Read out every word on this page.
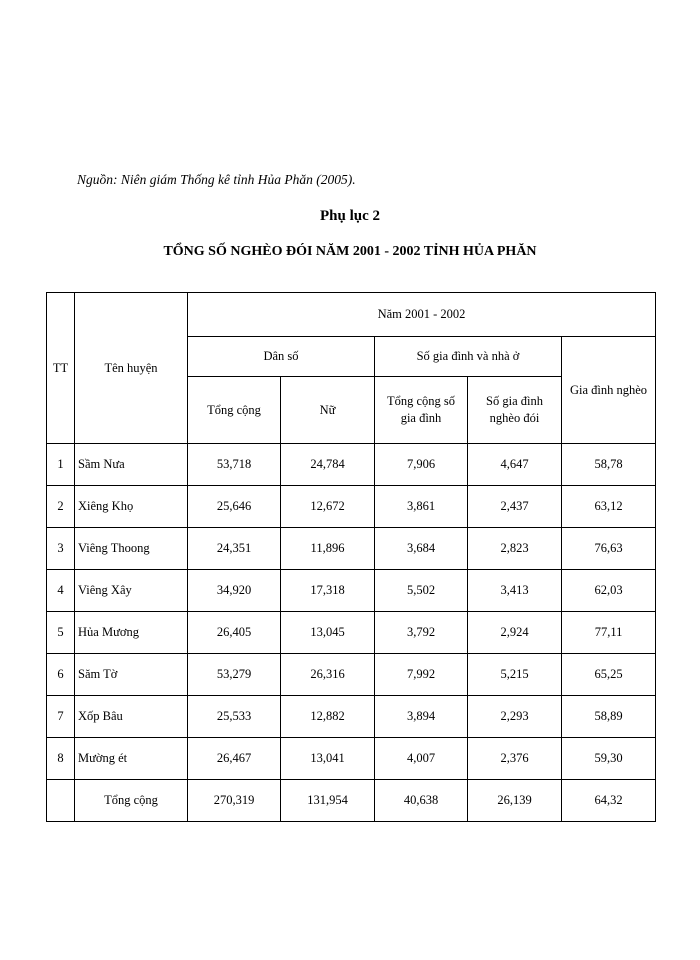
Nguồn: Niên giám Thống kê tỉnh Hủa Phăn (2005).
Phụ lục 2
TỔNG SỐ NGHÈO ĐÓI NĂM 2001 - 2002 TỈNH HỦA PHĂN
TT	Tên huyện	Năm 2001 - 2002				
		Dân số		Số gia đình và nhà ở		Gia đình nghèo
		Tổng cộng	Nữ	Tổng cộng số gia đình	Số gia đình nghèo đói	
1	Sầm Nưa	53,718	24,784	7,906	4,647	58,78
2	Xiêng Khọ	25,646	12,672	3,861	2,437	63,12
3	Viêng Thoong	24,351	11,896	3,684	2,823	76,63
4	Viêng Xây	34,920	17,318	5,502	3,413	62,03
5	Hủa Mương	26,405	13,045	3,792	2,924	77,11
6	Săm Tờ	53,279	26,316	7,992	5,215	65,25
7	Xốp Bâu	25,533	12,882	3,894	2,293	58,89
8	Mường ét	26,467	13,041	4,007	2,376	59,30
	Tổng cộng	270,319	131,954	40,638	26,139	64,32
